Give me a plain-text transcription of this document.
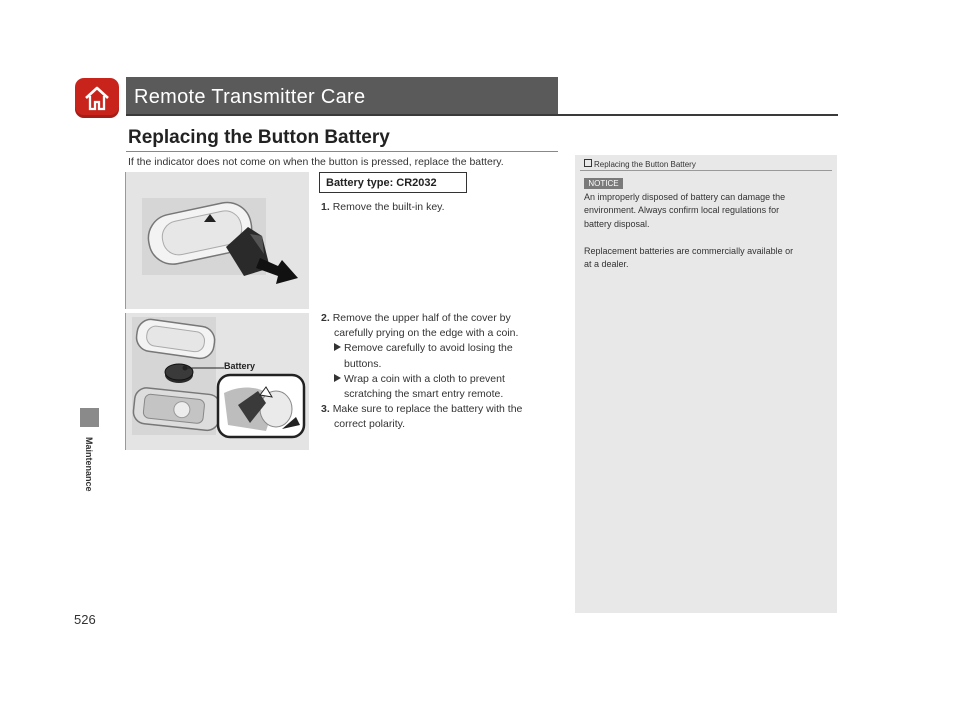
Remote Transmitter Care
Replacing the Button Battery
If the indicator does not come on when the button is pressed, replace the battery.
Maintenance
526
Battery
Battery type: CR2032
1. Remove the built-in key.
2. Remove the upper half of the cover by
carefully prying on the edge with a coin.
Remove carefully to avoid losing the
buttons.
Wrap a coin with a cloth to prevent
scratching the smart entry remote.
3. Make sure to replace the battery with the
correct polarity.
Replacing the Button Battery
NOTICE
An improperly disposed of battery can damage the
environment. Always confirm local regulations for
battery disposal.
Replacement batteries are commercially available or
at a dealer.
